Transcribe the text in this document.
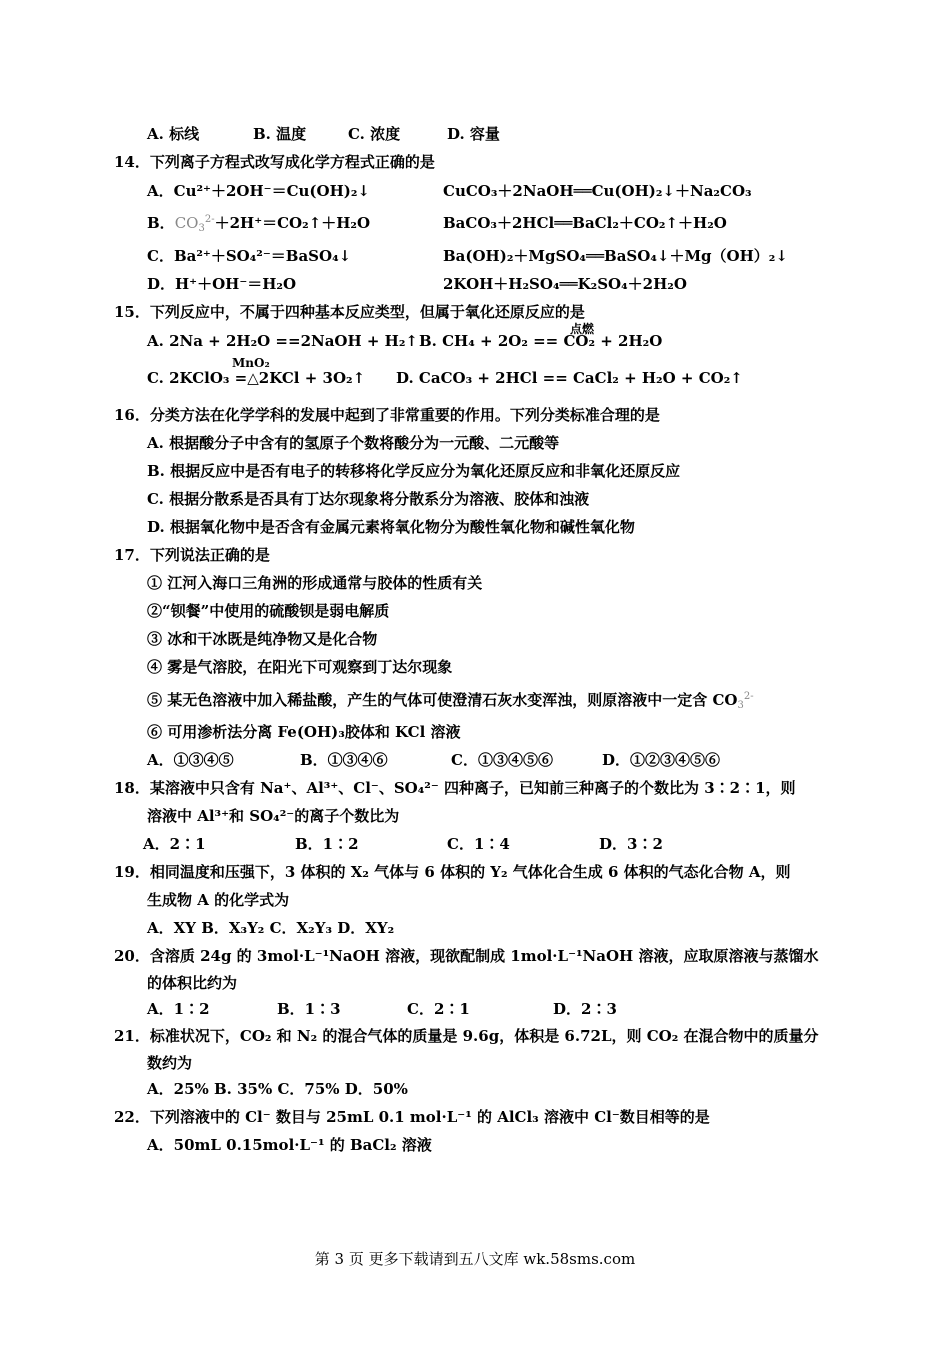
A. 标线	B. 温度	C. 浓度	D. 容量
14．下列离子方程式改写成化学方程式正确的是
A．Cu²⁺＋2OH⁻＝Cu(OH)₂↓	CuCO₃＋2NaOH══Cu(OH)₂↓＋Na₂CO₃
B．$CO_3^{2-}+2H^+=CO_2↑+H_2O$	BaCO₃＋2HCl══BaCl₂＋CO₂↑＋H₂O
C．Ba²⁺＋SO₄²⁻＝BaSO₄↓	Ba(OH)₂＋MgSO₄══BaSO₄↓＋Mg（OH）₂↓
D．H⁺＋OH⁻＝H₂O	2KOH＋H₂SO₄══K₂SO₄＋2H₂O
15．下列反应中，不属于四种基本反应类型，但属于氧化还原反应的是
点燃
A. 2Na + 2H₂O ==2NaOH + H₂↑ B. CH₄ + 2O₂ == CO₂ + 2H₂O
MnO₂
C. 2KClO₃ =△2KCl + 3O₂↑ D. CaCO₃ + 2HCl == CaCl₂ + H₂O + CO₂↑
16．分类方法在化学学科的发展中起到了非常重要的作用。下列分类标准合理的是
A. 根据酸分子中含有的氢原子个数将酸分为一元酸、二元酸等
B. 根据反应中是否有电子的转移将化学反应分为氧化还原反应和非氧化还原反应
C. 根据分散系是否具有丁达尔现象将分散系分为溶液、胶体和浊液
D. 根据氧化物中是否含有金属元素将氧化物分为酸性氧化物和碱性氧化物
17．下列说法正确的是
① 江河入海口三角洲的形成通常与胶体的性质有关
②“钡餐”中使用的硫酸钡是弱电解质
③ 冰和干冰既是纯净物又是化合物
④ 雾是气溶胶，在阳光下可观察到丁达尔现象
⑤ 某无色溶液中加入稀盐酸，产生的气体可使澄清石灰水变浑浊，则原溶液中一定含 $CO_3^{2-}$
⑥ 可用渗析法分离 Fe(OH)₃胶体和 KCl 溶液
A．①③④⑤	B．①③④⑥	C．①③④⑤⑥	D．①②③④⑤⑥
18．某溶液中只含有 Na⁺、Al³⁺、Cl⁻、SO₄²⁻ 四种离子，已知前三种离子的个数比为 3∶2∶1，则
溶液中 Al³⁺和 SO₄²⁻的离子个数比为
A．2∶1	B．1∶2	C．1∶4	D．3∶2
19．相同温度和压强下，3 体积的 X₂ 气体与 6 体积的 Y₂ 气体化合生成 6 体积的气态化合物 A，则
生成物 A 的化学式为
A．XY B．X₃Y₂ C．X₂Y₃ D．XY₂
20．含溶质 24g 的 3mol·L⁻¹NaOH 溶液，现欲配制成 1mol·L⁻¹NaOH 溶液，应取原溶液与蒸馏水
的体积比约为
A．1∶2	B．1∶3	C．2∶1	D．2∶3
21．标准状况下，CO₂ 和 N₂ 的混合气体的质量是 9.6g，体积是 6.72L，则 CO₂ 在混合物中的质量分
数约为
A．25% B. 35% C．75% D．50%
22．下列溶液中的 Cl⁻ 数目与 25mL 0.1 mol·L⁻¹ 的 AlCl₃ 溶液中 Cl⁻数目相等的是
A．50mL 0.15mol·L⁻¹ 的 BaCl₂ 溶液
第 3 页 更多下载请到五八文库 wk.58sms.com
